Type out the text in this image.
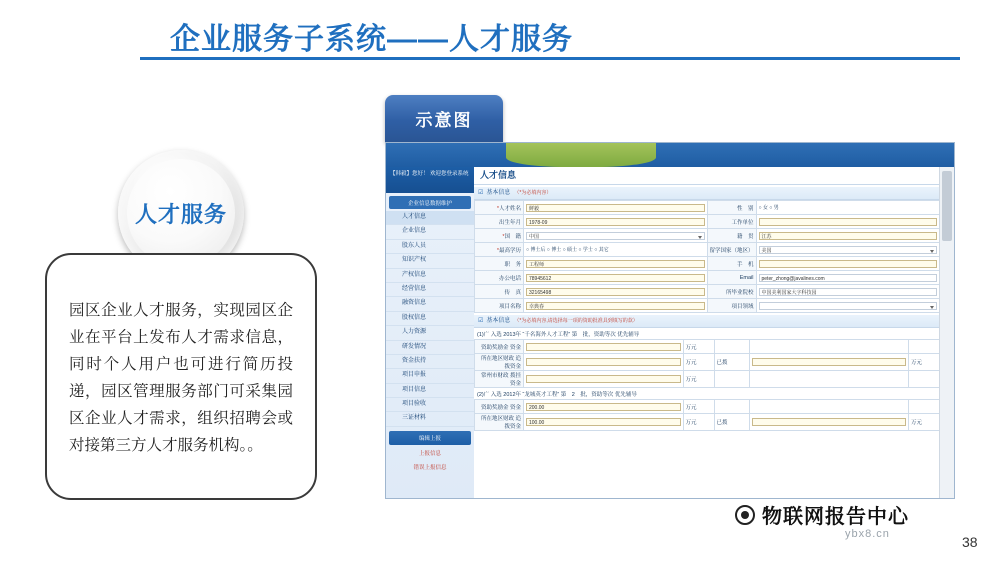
企业服务子系统——人才服务
人才服务

园区企业人才服务，实现园区企业在平台上发布人才需求信息，同时个人用户也可进行简历投递，园区管理服务部门可采集园区企业人才需求，组织招聘会或对接第三方人才服务机构。。

示意图
【韩毅】您好！ 欢迎您登录系统
企业信息数据维护
人才信息
企业信息
股东人员
知识产权
产权信息
经营信息
融资信息
股权信息
人力资源
研发情况
资金扶持
项目申报
项目信息
项目验收
三证材料
编辑上报
上报信息
错误上报信息
人才信息
☑ 基本信息 （*为必填内容）
*人才姓名	鲜毅	性　别	○ 女 ○ 男
出生年月	1978-09	工作单位	

*国　籍	中国	籍　贯	江苏

*最高学历	○ 博士后 ○ 博士 ○ 硕士 ○ 学士 ○ 其它	留学国家（地区）	美国

职　务	工程师	手　机	

办公电话	78945612	Email	peter_zhong@javalines.com

传　真	32165498	所毕业院校	中国美利国家大字科技园

项目名称	幸典春	项目领域	
☑ 基本信息 （*为必填内容,请选择每一项的资助批准具到填写的款）
(1)广 入选 2013年 “千名海外人才工程” 第　批，资助等次 优先辅导
资助奖励金 资金		万元			
所在地区财政 追拨资金		万元	已拨		万元
常州市财政 拨挂资金		万元			
(2)广 入选 2012年 “龙城英才工程” 第　2　批，资助等次 优先辅导
资助奖励金 资金	200.00	万元			
所在地区财政 追拨资金	100.00	万元	已拨		万元
物联网报告中心
ybx8.cn	38
